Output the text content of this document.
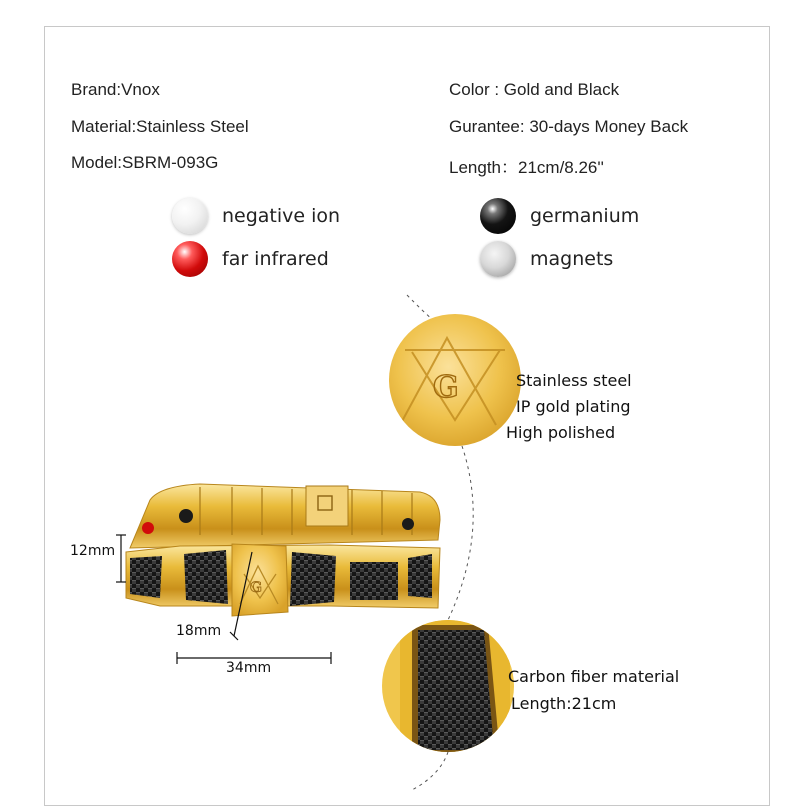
Brand:Vnox
Material:Stainless Steel
Model:SBRM-093G
Color : Gold and Black
Gurantee: 30-days Money Back
Length：21cm/8.26''
negative ion	germanium
far infrared	magnets
G
G
12mm
18mm
34mm
Stainless steel
IP gold plating
High polished
Carbon fiber material
Length:21cm
